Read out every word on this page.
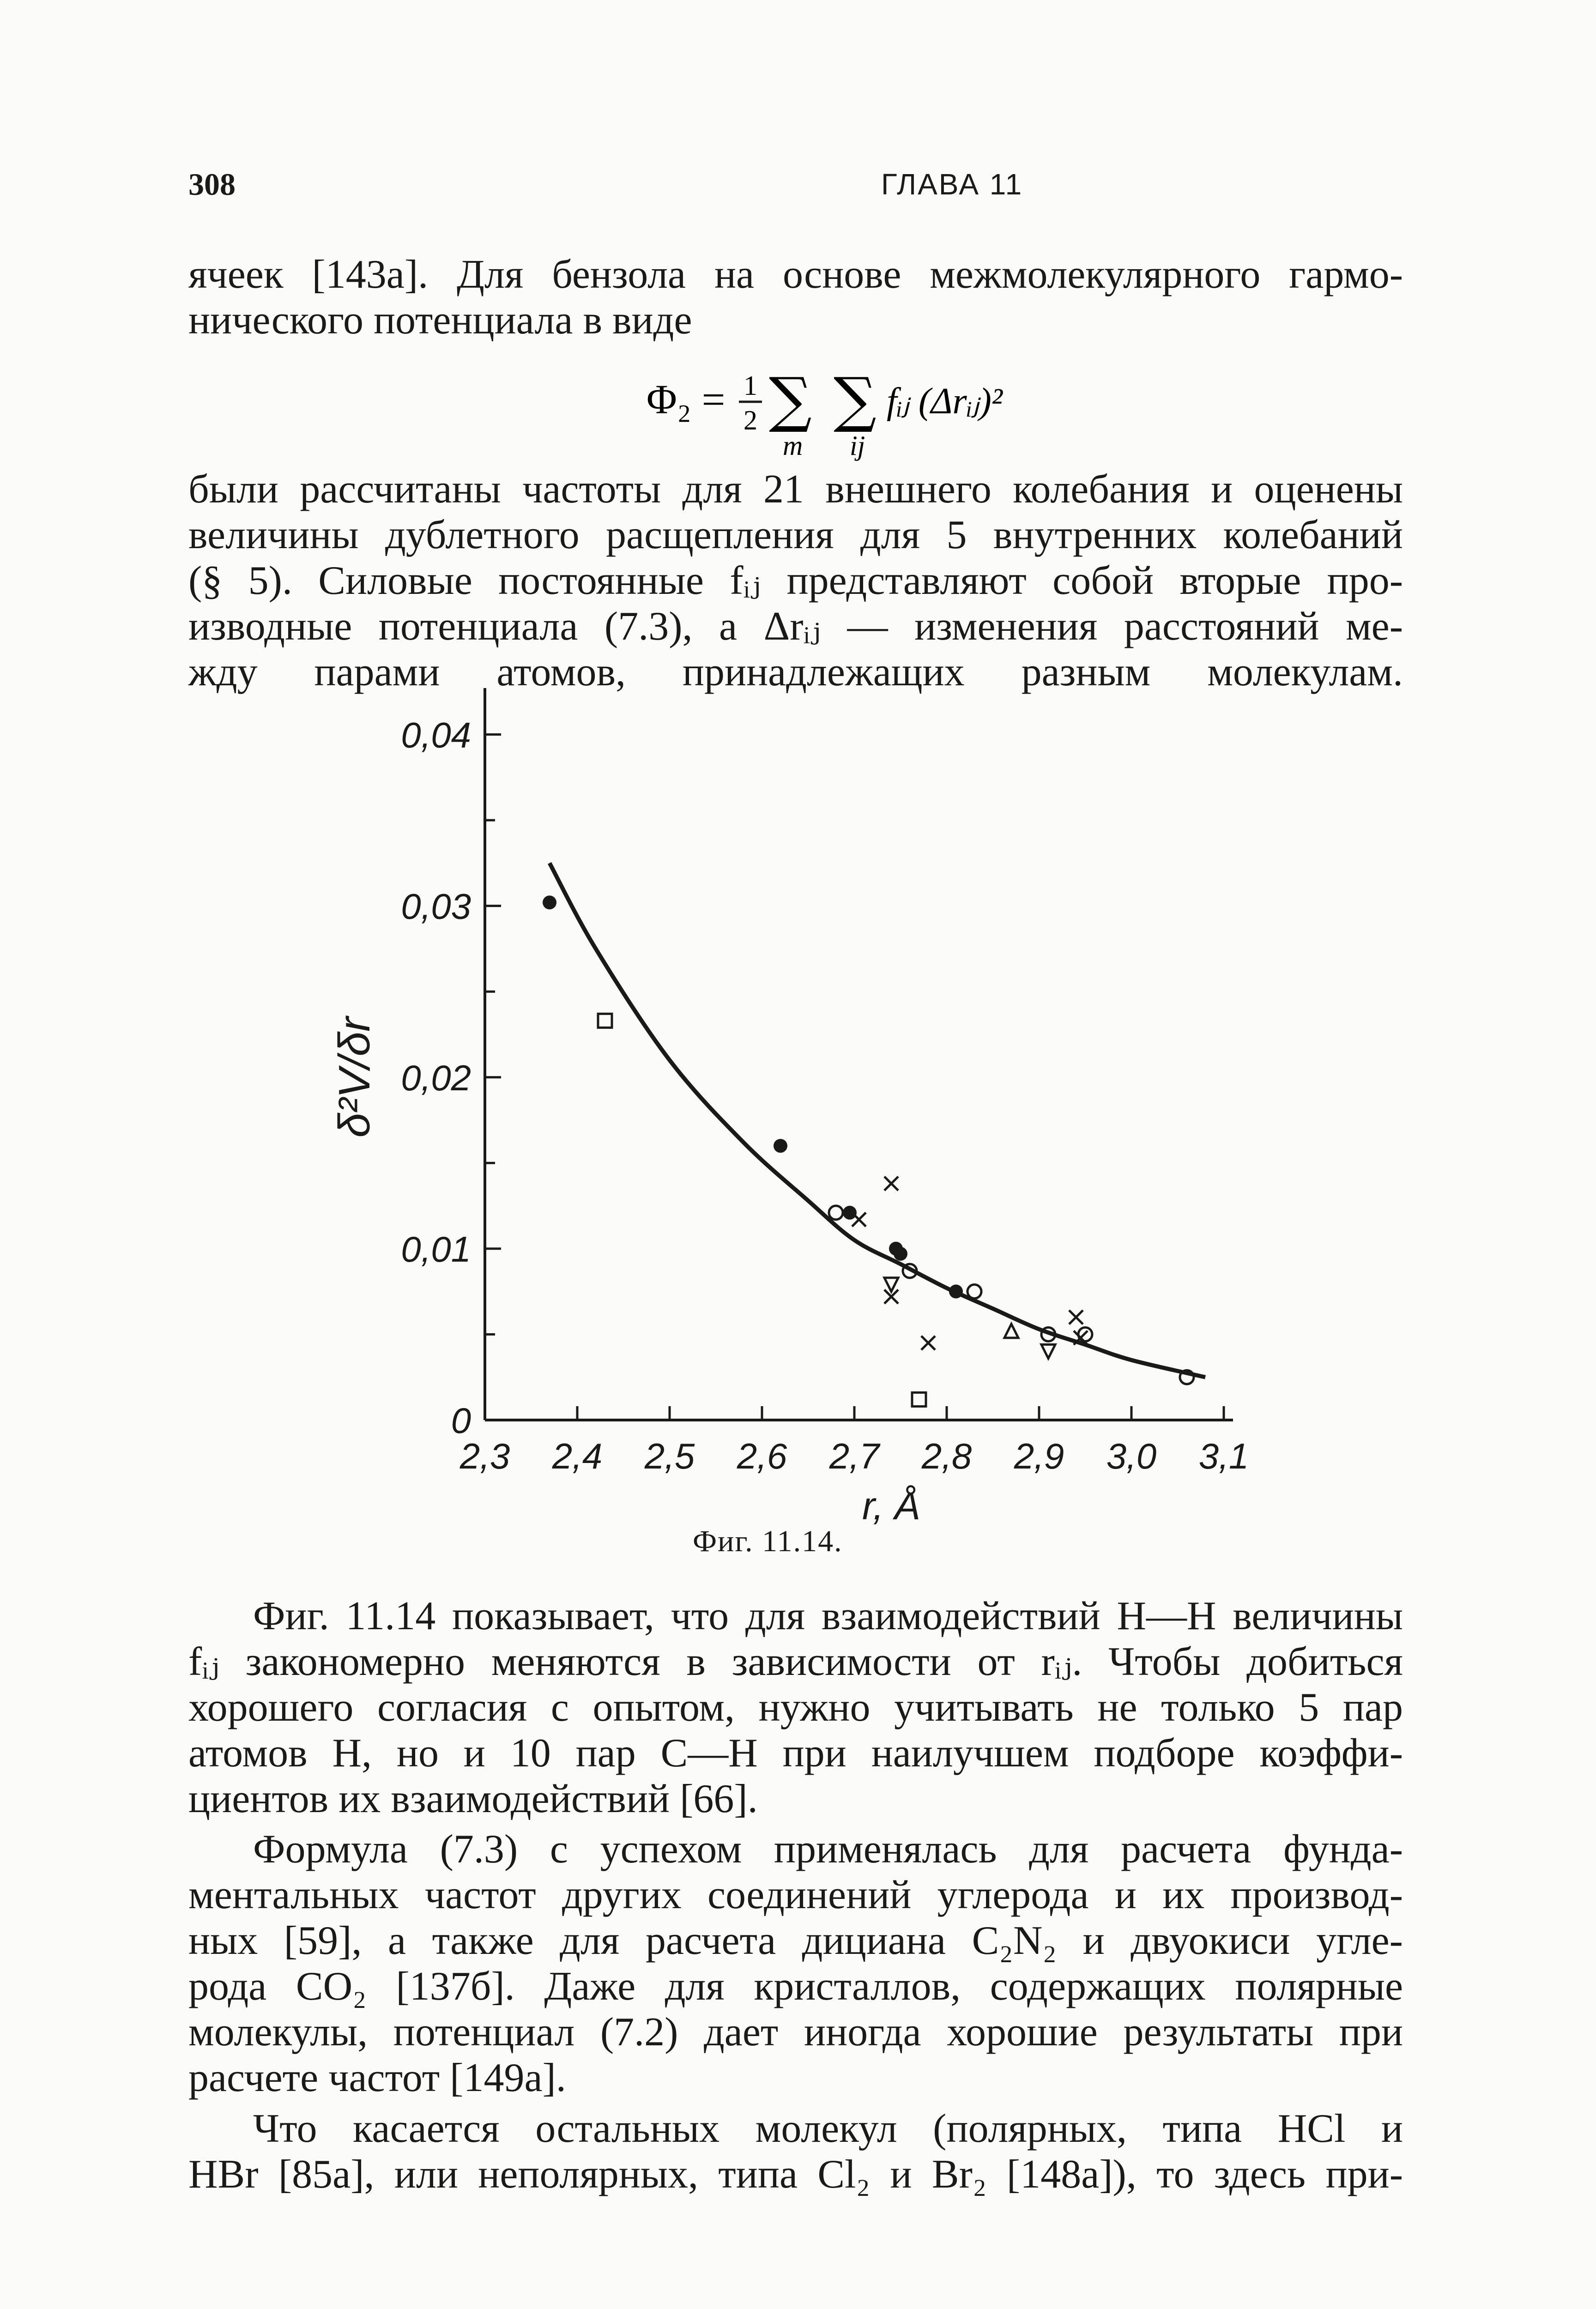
308	ГЛАВА 11

ячеек [143а]. Для бензола на основе межмолекулярного гармо-

нического потенциала в виде

Φ₂ = 1
2 ∑ ∑
m ij
fᵢⱼ (Δrᵢⱼ)²

были рассчитаны частоты для 21 внешнего колебания и оценены

величины дублетного расщепления для 5 внутренних колебаний

(§ 5). Силовые постоянные fᵢⱼ представляют собой вторые про-

изводные потенциала (7.3), а Δrᵢⱼ — изменения расстояний ме-

жду парами атомов, принадлежащих разным молекулам.

2,3 2,4 2,5 2,6 2,7 2,8 2,9 3,0 3,1
0
0,01
0,02
0,03
0,04
r, Å
δ²V/δr
Фиг. 11.14.

Фиг. 11.14 показывает, что для взаимодействий Н—Н величины

fᵢⱼ закономерно меняются в зависимости от rᵢⱼ. Чтобы добиться

хорошего согласия с опытом, нужно учитывать не только 5 пар

атомов Н, но и 10 пар С—Н при наилучшем подборе коэффи-

циентов их взаимодействий [66].

Формула (7.3) с успехом применялась для расчета фунда-

ментальных частот других соединений углерода и их производ-

ных [59], а также для расчета дициана C₂N₂ и двуокиси угле-

рода CO₂ [137б]. Даже для кристаллов, содержащих полярные

молекулы, потенциал (7.2) дает иногда хорошие результаты при

расчете частот [149а].

Что касается остальных молекул (полярных, типа HCl и

HBr [85а], или неполярных, типа Cl₂ и Br₂ [148а]), то здесь при-
